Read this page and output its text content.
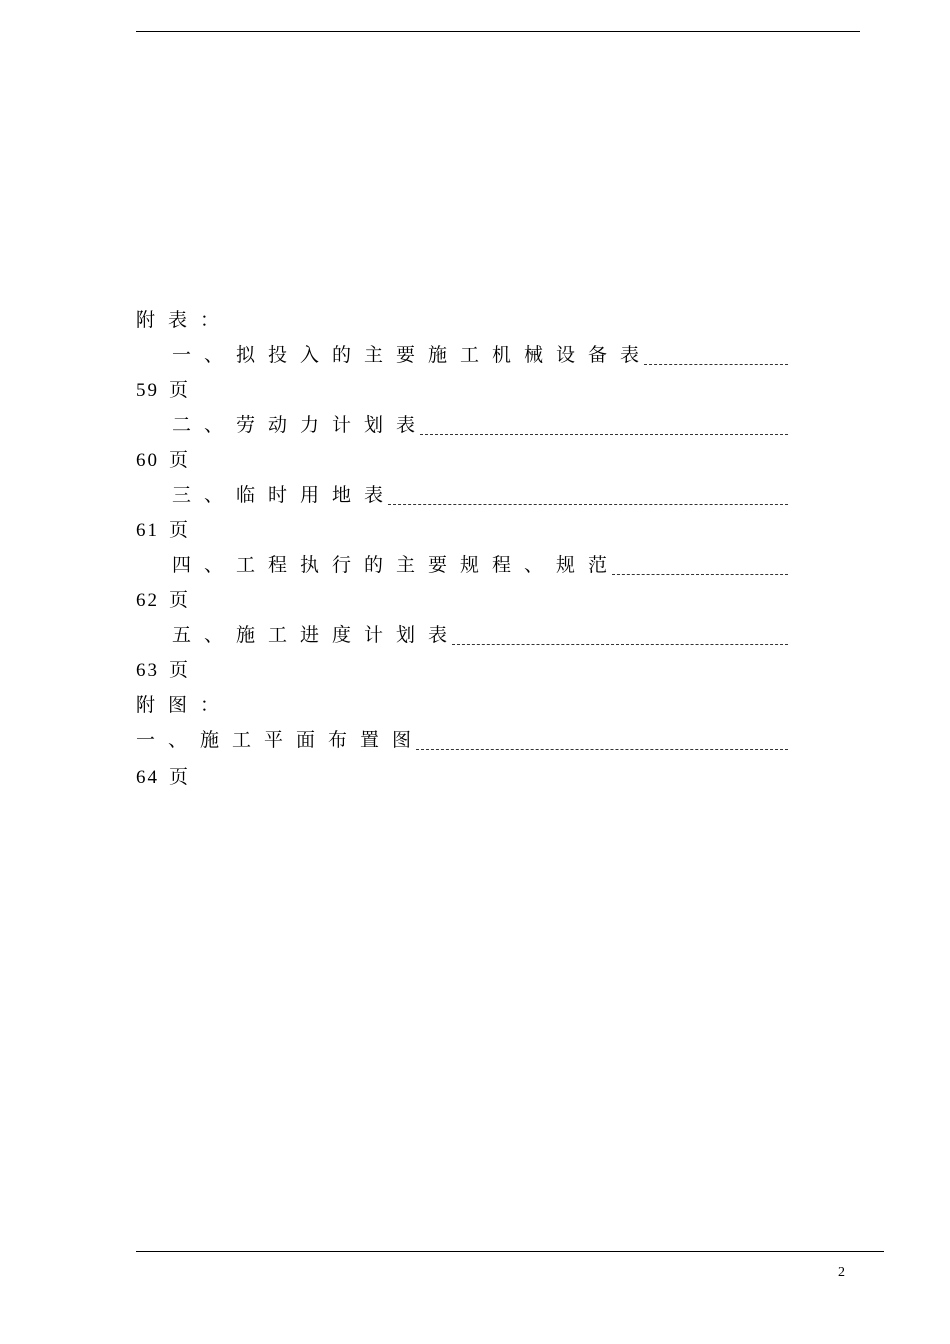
附表：
一、拟投入的主要施工机械设备表
59 页
二、劳动力计划表
60 页
三、临时用地表
61 页
四、工程执行的主要规程、规范
62 页
五、施工进度计划表
63 页
附图：
一、施工平面布置图
64 页
2
